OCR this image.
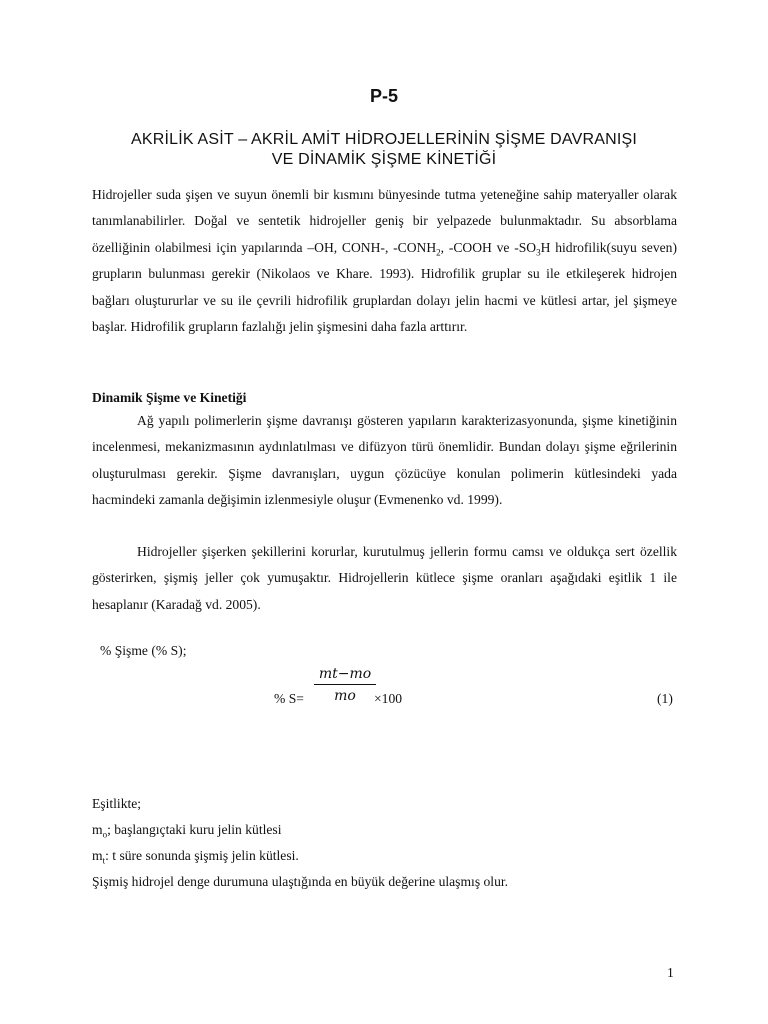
P-5
AKRİLİK ASİT – AKRİL AMİT HİDROJELLERİNİN ŞİŞME DAVRANIŞI
VE DİNAMİK ŞİŞME KİNETİĞİ

Hidrojeller suda şişen ve suyun önemli bir kısmını bünyesinde tutma yeteneğine sahip materyaller olarak tanımlanabilirler. Doğal ve sentetik hidrojeller geniş bir yelpazede bulunmaktadır. Su absorblama özelliğinin olabilmesi için yapılarında –OH, CONH-, $-CONH_2$, -COOH ve $-SO_3H$ hidrofilik(suyu seven) grupların bulunması gerekir (Nikolaos ve Khare. 1993). Hidrofilik gruplar su ile etkileşerek hidrojen bağları oluştururlar ve su ile çevrili hidrofilik gruplardan dolayı jelin hacmi ve kütlesi artar, jel şişmeye başlar. Hidrofilik grupların fazlalığı jelin şişmesini daha fazla arttırır.

Dinamik Şişme ve Kinetiği

Ağ yapılı polimerlerin şişme davranışı gösteren yapıların karakterizasyonunda, şişme kinetiğinin incelenmesi, mekanizmasının aydınlatılması ve difüzyon türü önemlidir. Bundan dolayı şişme eğrilerinin oluşturulması gerekir. Şişme davranışları, uygun çözücüye konulan polimerin kütlesindeki yada hacmindeki zamanla değişimin izlenmesiyle oluşur (Evmenenko vd. 1999).

Hidrojeller şişerken şekillerini korurlar, kurutulmuş jellerin formu camsı ve oldukça sert özellik gösterirken, şişmiş jeller çok yumuşaktır. Hidrojellerin kütlece şişme oranları aşağıdaki eşitlik 1 ile hesaplanır (Karadağ vd. 2005).

% Şişme (% S);
% $S= \frac{mt-mo}{mo}$
×100	(1)
Eşitlikte;
$m_o$; başlangıçtaki kuru jelin kütlesi
$m_t$: t süre sonunda şişmiş jelin kütlesi.
Şişmiş hidrojel denge durumuna ulaştığında en büyük değerine ulaşmış olur.
1
